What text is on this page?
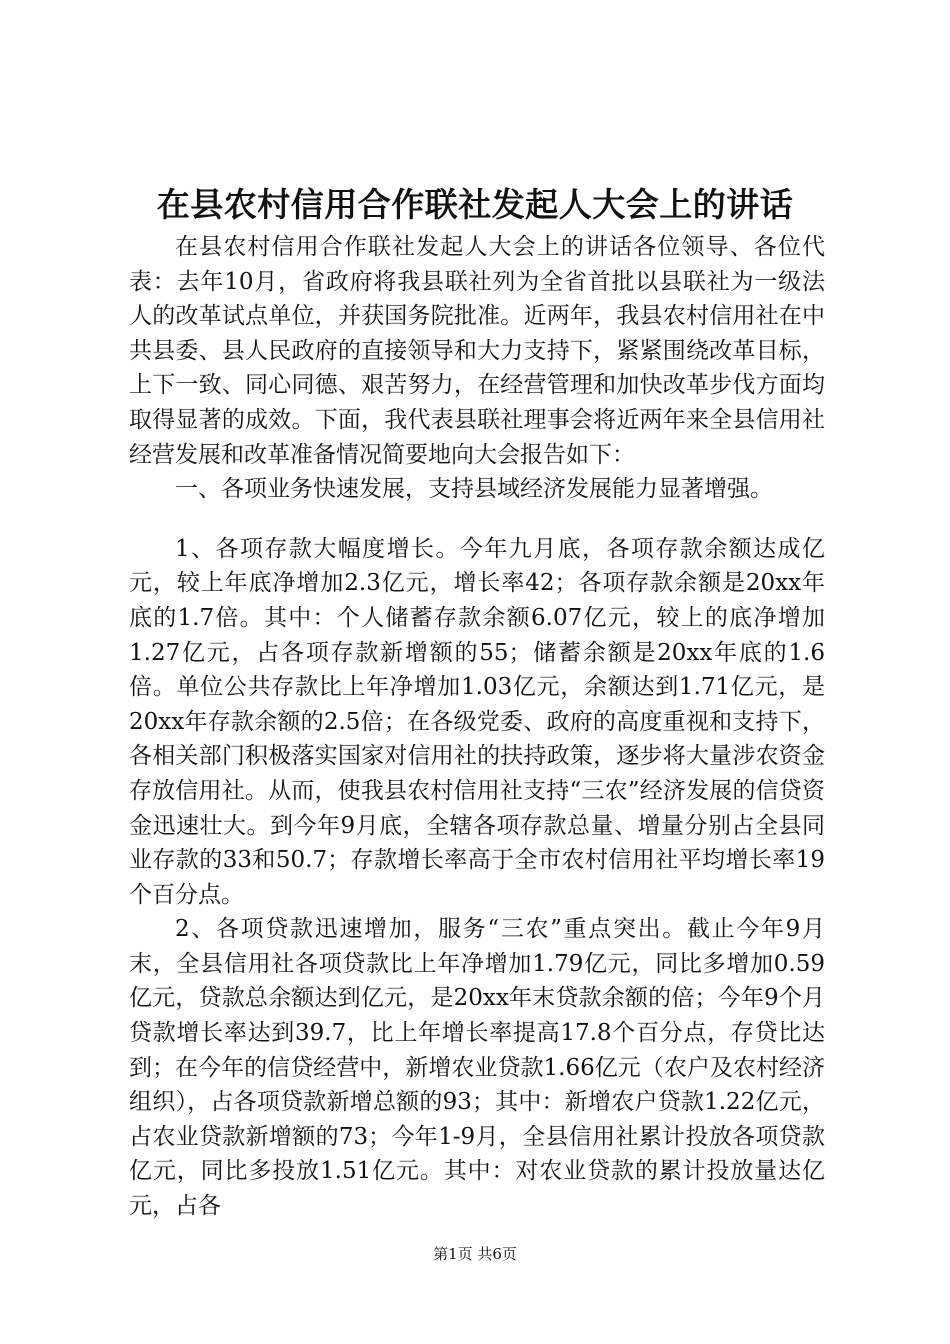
在县农村信用合作联社发起人大会上的讲话

在县农村信用合作联社发起人大会上的讲话各位领导、各位代表：去年10月，省政府将我县联社列为全省首批以县联社为一级法人的改革试点单位，并获国务院批准。近两年，我县农村信用社在中共县委、县人民政府的直接领导和大力支持下，紧紧围绕改革目标，上下一致、同心同德、艰苦努力，在经营管理和加快改革步伐方面均取得显著的成效。下面，我代表县联社理事会将近两年来全县信用社经营发展和改革准备情况简要地向大会报告如下：

一、各项业务快速发展，支持县域经济发展能力显著增强。

1、各项存款大幅度增长。今年九月底，各项存款余额达成亿元，较上年底净增加2.3亿元，增长率42；各项存款余额是20xx年底的1.7倍。其中：个人储蓄存款余额6.07亿元，较上的底净增加1.27亿元，占各项存款新增额的55；储蓄余额是20xx年底的1.6倍。单位公共存款比上年净增加1.03亿元，余额达到1.71亿元，是20xx年存款余额的2.5倍；在各级党委、政府的高度重视和支持下，各相关部门积极落实国家对信用社的扶持政策，逐步将大量涉农资金存放信用社。从而，使我县农村信用社支持“三农”经济发展的信贷资金迅速壮大。到今年9月底，全辖各项存款总量、增量分别占全县同业存款的33和50.7；存款增长率高于全市农村信用社平均增长率19个百分点。

2、各项贷款迅速增加，服务“三农”重点突出。截止今年9月末，全县信用社各项贷款比上年净增加1.79亿元，同比多增加0.59亿元，贷款总余额达到亿元，是20xx年末贷款余额的倍；今年9个月贷款增长率达到39.7，比上年增长率提高17.8个百分点，存贷比达到；在今年的信贷经营中，新增农业贷款1.66亿元（农户及农村经济组织），占各项贷款新增总额的93；其中：新增农户贷款1.22亿元，占农业贷款新增额的73；今年1-9月，全县信用社累计投放各项贷款亿元，同比多投放1.51亿元。其中：对农业贷款的累计投放量达亿元，占各

第1页 共6页
